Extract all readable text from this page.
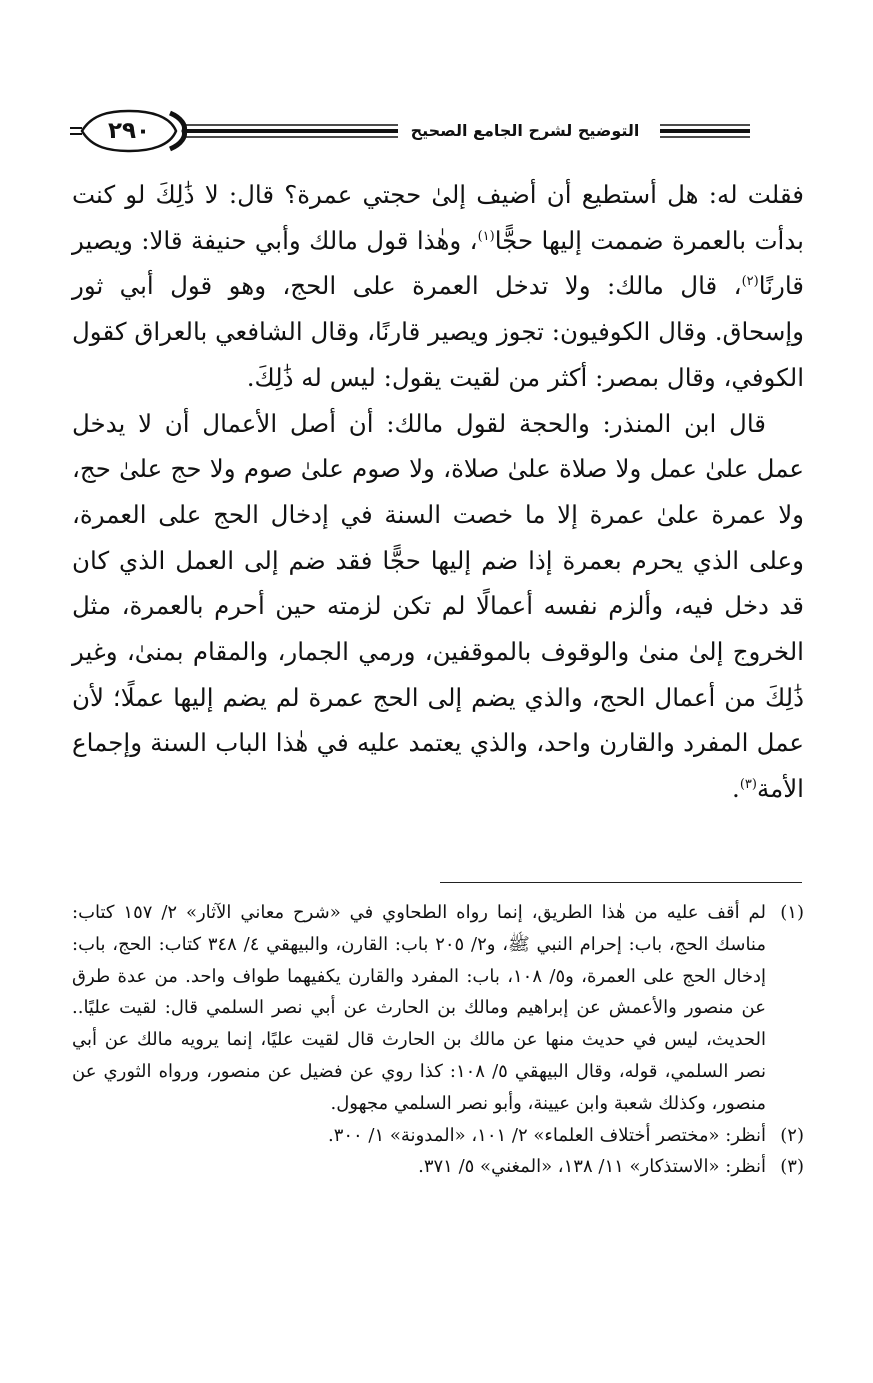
٢٩٠	التوضيح لشرح الجامع الصحيح

فقلت له: هل أستطيع أن أضيف إلىٰ حجتي عمرة؟ قال: لا ذَٰلِكَ لو كنت بدأت بالعمرة ضممت إليها حجًّا$^{(١)}$، وهٰذا قول مالك وأبي حنيفة قالا: ويصير قارنًا$^{(٢)}$، قال مالك: ولا تدخل العمرة على الحج، وهو قول أبي ثور وإسحاق. وقال الكوفيون: تجوز ويصير قارنًا، وقال الشافعي بالعراق كقول الكوفي، وقال بمصر: أكثر من لقيت يقول: ليس له ذَٰلِكَ.

قال ابن المنذر: والحجة لقول مالك: أن أصل الأعمال أن لا يدخل عمل علىٰ عمل ولا صلاة علىٰ صلاة، ولا صوم علىٰ صوم ولا حج علىٰ حج، ولا عمرة علىٰ عمرة إلا ما خصت السنة في إدخال الحج على العمرة، وعلى الذي يحرم بعمرة إذا ضم إليها حجًّا فقد ضم إلى العمل الذي كان قد دخل فيه، وألزم نفسه أعمالًا لم تكن لزمته حين أحرم بالعمرة، مثل الخروج إلىٰ منىٰ والوقوف بالموقفين، ورمي الجمار، والمقام بمنىٰ، وغير ذَٰلِكَ من أعمال الحج، والذي يضم إلى الحج عمرة لم يضم إليها عملًا؛ لأن عمل المفرد والقارن واحد، والذي يعتمد عليه في هٰذا الباب السنة وإجماع الأمة$^{(٣)}$.

(١)
لم أقف عليه من هٰذا الطريق، إنما رواه الطحاوي في «شرح معاني الآثار» ٢/ ١٥٧ كتاب: مناسك الحج، باب: إحرام النبي ﷺ، و٢/ ٢٠٥ باب: القارن، والبيهقي ٤/ ٣٤٨ كتاب: الحج، باب: إدخال الحج على العمرة، و٥/ ١٠٨، باب: المفرد والقارن يكفيهما طواف واحد. من عدة طرق عن منصور والأعمش عن إبراهيم ومالك بن الحارث عن أبي نصر السلمي قال: لقيت عليًا.. الحديث، ليس في حديث منها عن مالك بن الحارث قال لقيت عليًا، إنما يرويه مالك عن أبي نصر السلمي، قوله، وقال البيهقي ٥/ ١٠٨: كذا روي عن فضيل عن منصور، ورواه الثوري عن منصور، وكذلك شعبة وابن عيينة، وأبو نصر السلمي مجهول.
(٢)
أنظر: «مختصر أختلاف العلماء» ٢/ ١٠١، «المدونة» ١/ ٣٠٠.
(٣)
أنظر: «الاستذكار» ١١/ ١٣٨، «المغني» ٥/ ٣٧١.
